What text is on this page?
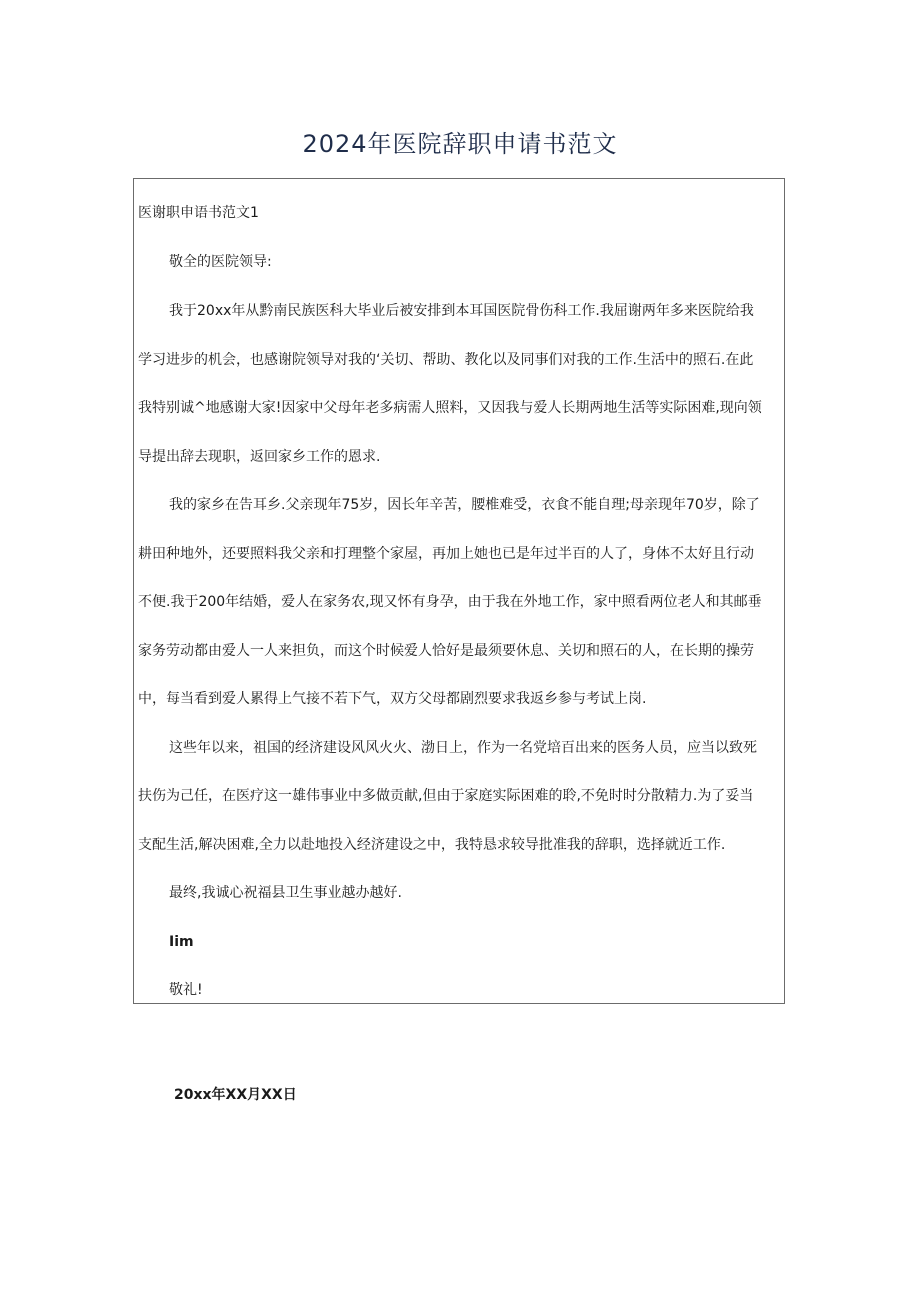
2024年医院辞职申请书范文
医谢职申语书范文1
敬全的医院领导:
我于20xx年从黔南民族医科大毕业后被安排到本耳国医院骨伤科工作.我屈谢两年多来医院给我
学习进步的机会，也感谢院领导对我的‘关切、帮助、教化以及同事们对我的工作.生活中的照石.在此
我特别诚^地感谢大家!因家中父母年老多病需人照料，又因我与爱人长期两地生活等实际困难,现向领
导提出辞去现职，返回家乡工作的恩求.
我的家乡在告耳乡.父亲现年75岁，因长年辛苦，腰椎难受，衣食不能自理;母亲现年70岁，除了
耕田种地外，还要照料我父亲和打理整个家屋，再加上她也已是年过半百的人了，身体不太好且行动
不便.我于200年结婚，爱人在家务农,现又怀有身孕，由于我在外地工作，家中照看两位老人和其邮垂
家务劳动都由爱人一人来担负，而这个时候爱人恰好是最须要休息、关切和照石的人，在长期的操劳
中，每当看到爱人累得上气接不若下气，双方父母都剧烈要求我返乡参与考试上岗.
这些年以来，祖国的经济建设风风火火、渤日上，作为一名党培百出来的医务人员，应当以致死
扶伤为己任，在医疗这一雄伟事业中多做贡献,但由于家庭实际困难的聆,不免时时分散精力.为了妥当
支配生活,解决困难,全力以赴地投入经济建设之中，我特恳求较导批准我的辞职，选择就近工作.
最终,我诚心祝福县卫生事业越办越好.
Iim
敬礼!
20xx年XX月XX日
